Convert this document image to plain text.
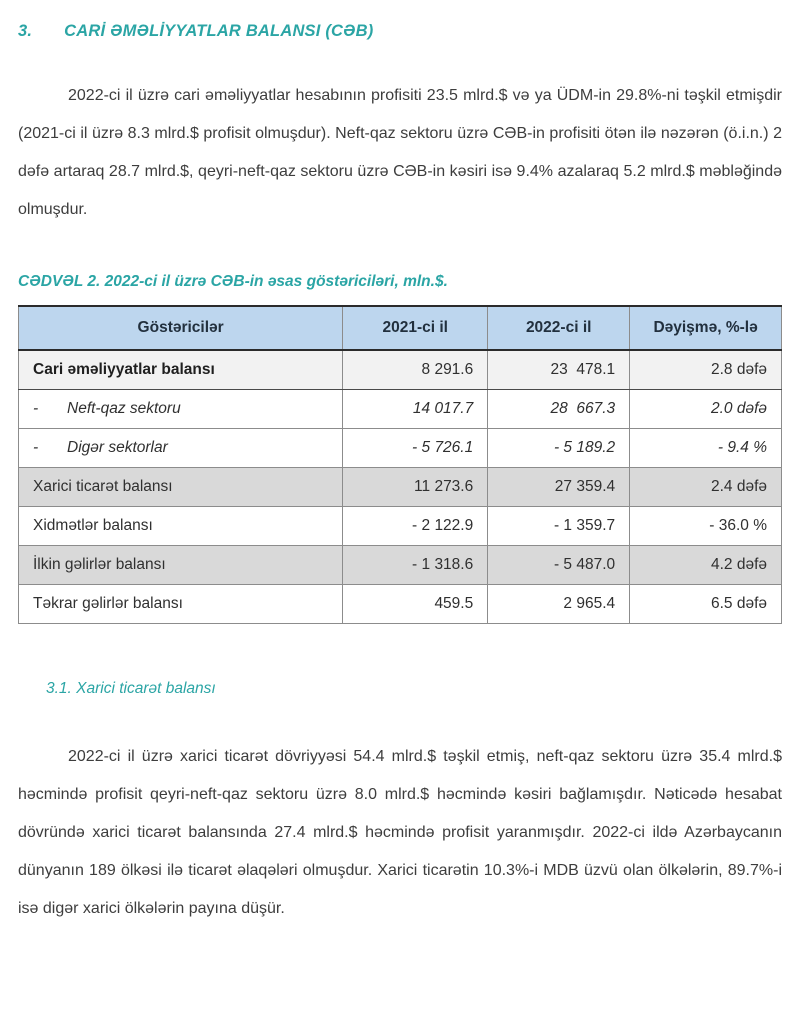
3. CARİ ƏMƏLİYYATLAR BALANSI (CƏB)

2022-ci il üzrə cari əməliyyatlar hesabının profisiti 23.5 mlrd.$ və ya ÜDM-in 29.8%-ni təşkil etmişdir (2021-ci il üzrə 8.3 mlrd.$ profisit olmuşdur). Neft-qaz sektoru üzrə CƏB-in profisiti ötən ilə nəzərən (ö.i.n.) 2 dəfə artaraq 28.7 mlrd.$, qeyri-neft-qaz sektoru üzrə CƏB-in kəsiri isə 9.4% azalaraq 5.2 mlrd.$ məbləğində olmuşdur.

CƏDVƏL 2. 2022-ci il üzrə CƏB-in əsas göstəriciləri, mln.$.

Göstəricilər	2021-ci il	2022-ci il	Dəyişmə, %-lə
Cari əməliyyatlar balansı	8 291.6	23  478.1	2.8 dəfə

- Neft-qaz sektoru	14 017.7	28  667.3	2.0 dəfə

- Digər sektorlar	- 5 726.1	- 5 189.2	- 9.4 %
Xarici ticarət balansı	11 273.6	27 359.4	2.4 dəfə
Xidmətlər balansı	- 2 122.9	- 1 359.7	- 36.0 %
İlkin gəlirlər balansı	- 1 318.6	- 5 487.0	4.2 dəfə
Təkrar gəlirlər balansı	459.5	2 965.4	6.5 dəfə

3.1. Xarici ticarət balansı

2022-ci il üzrə xarici ticarət dövriyyəsi 54.4 mlrd.$ təşkil etmiş, neft-qaz sektoru üzrə 35.4 mlrd.$ həcmində profisit qeyri-neft-qaz sektoru üzrə 8.0 mlrd.$ həcmində kəsiri bağlamışdır. Nəticədə hesabat dövründə xarici ticarət balansında 27.4 mlrd.$ həcmində profisit yaranmışdır. 2022-ci ildə Azərbaycanın dünyanın 189 ölkəsi ilə ticarət əlaqələri olmuşdur. Xarici ticarətin 10.3%-i MDB üzvü olan ölkələrin, 89.7%-i isə digər xarici ölkələrin payına düşür.
